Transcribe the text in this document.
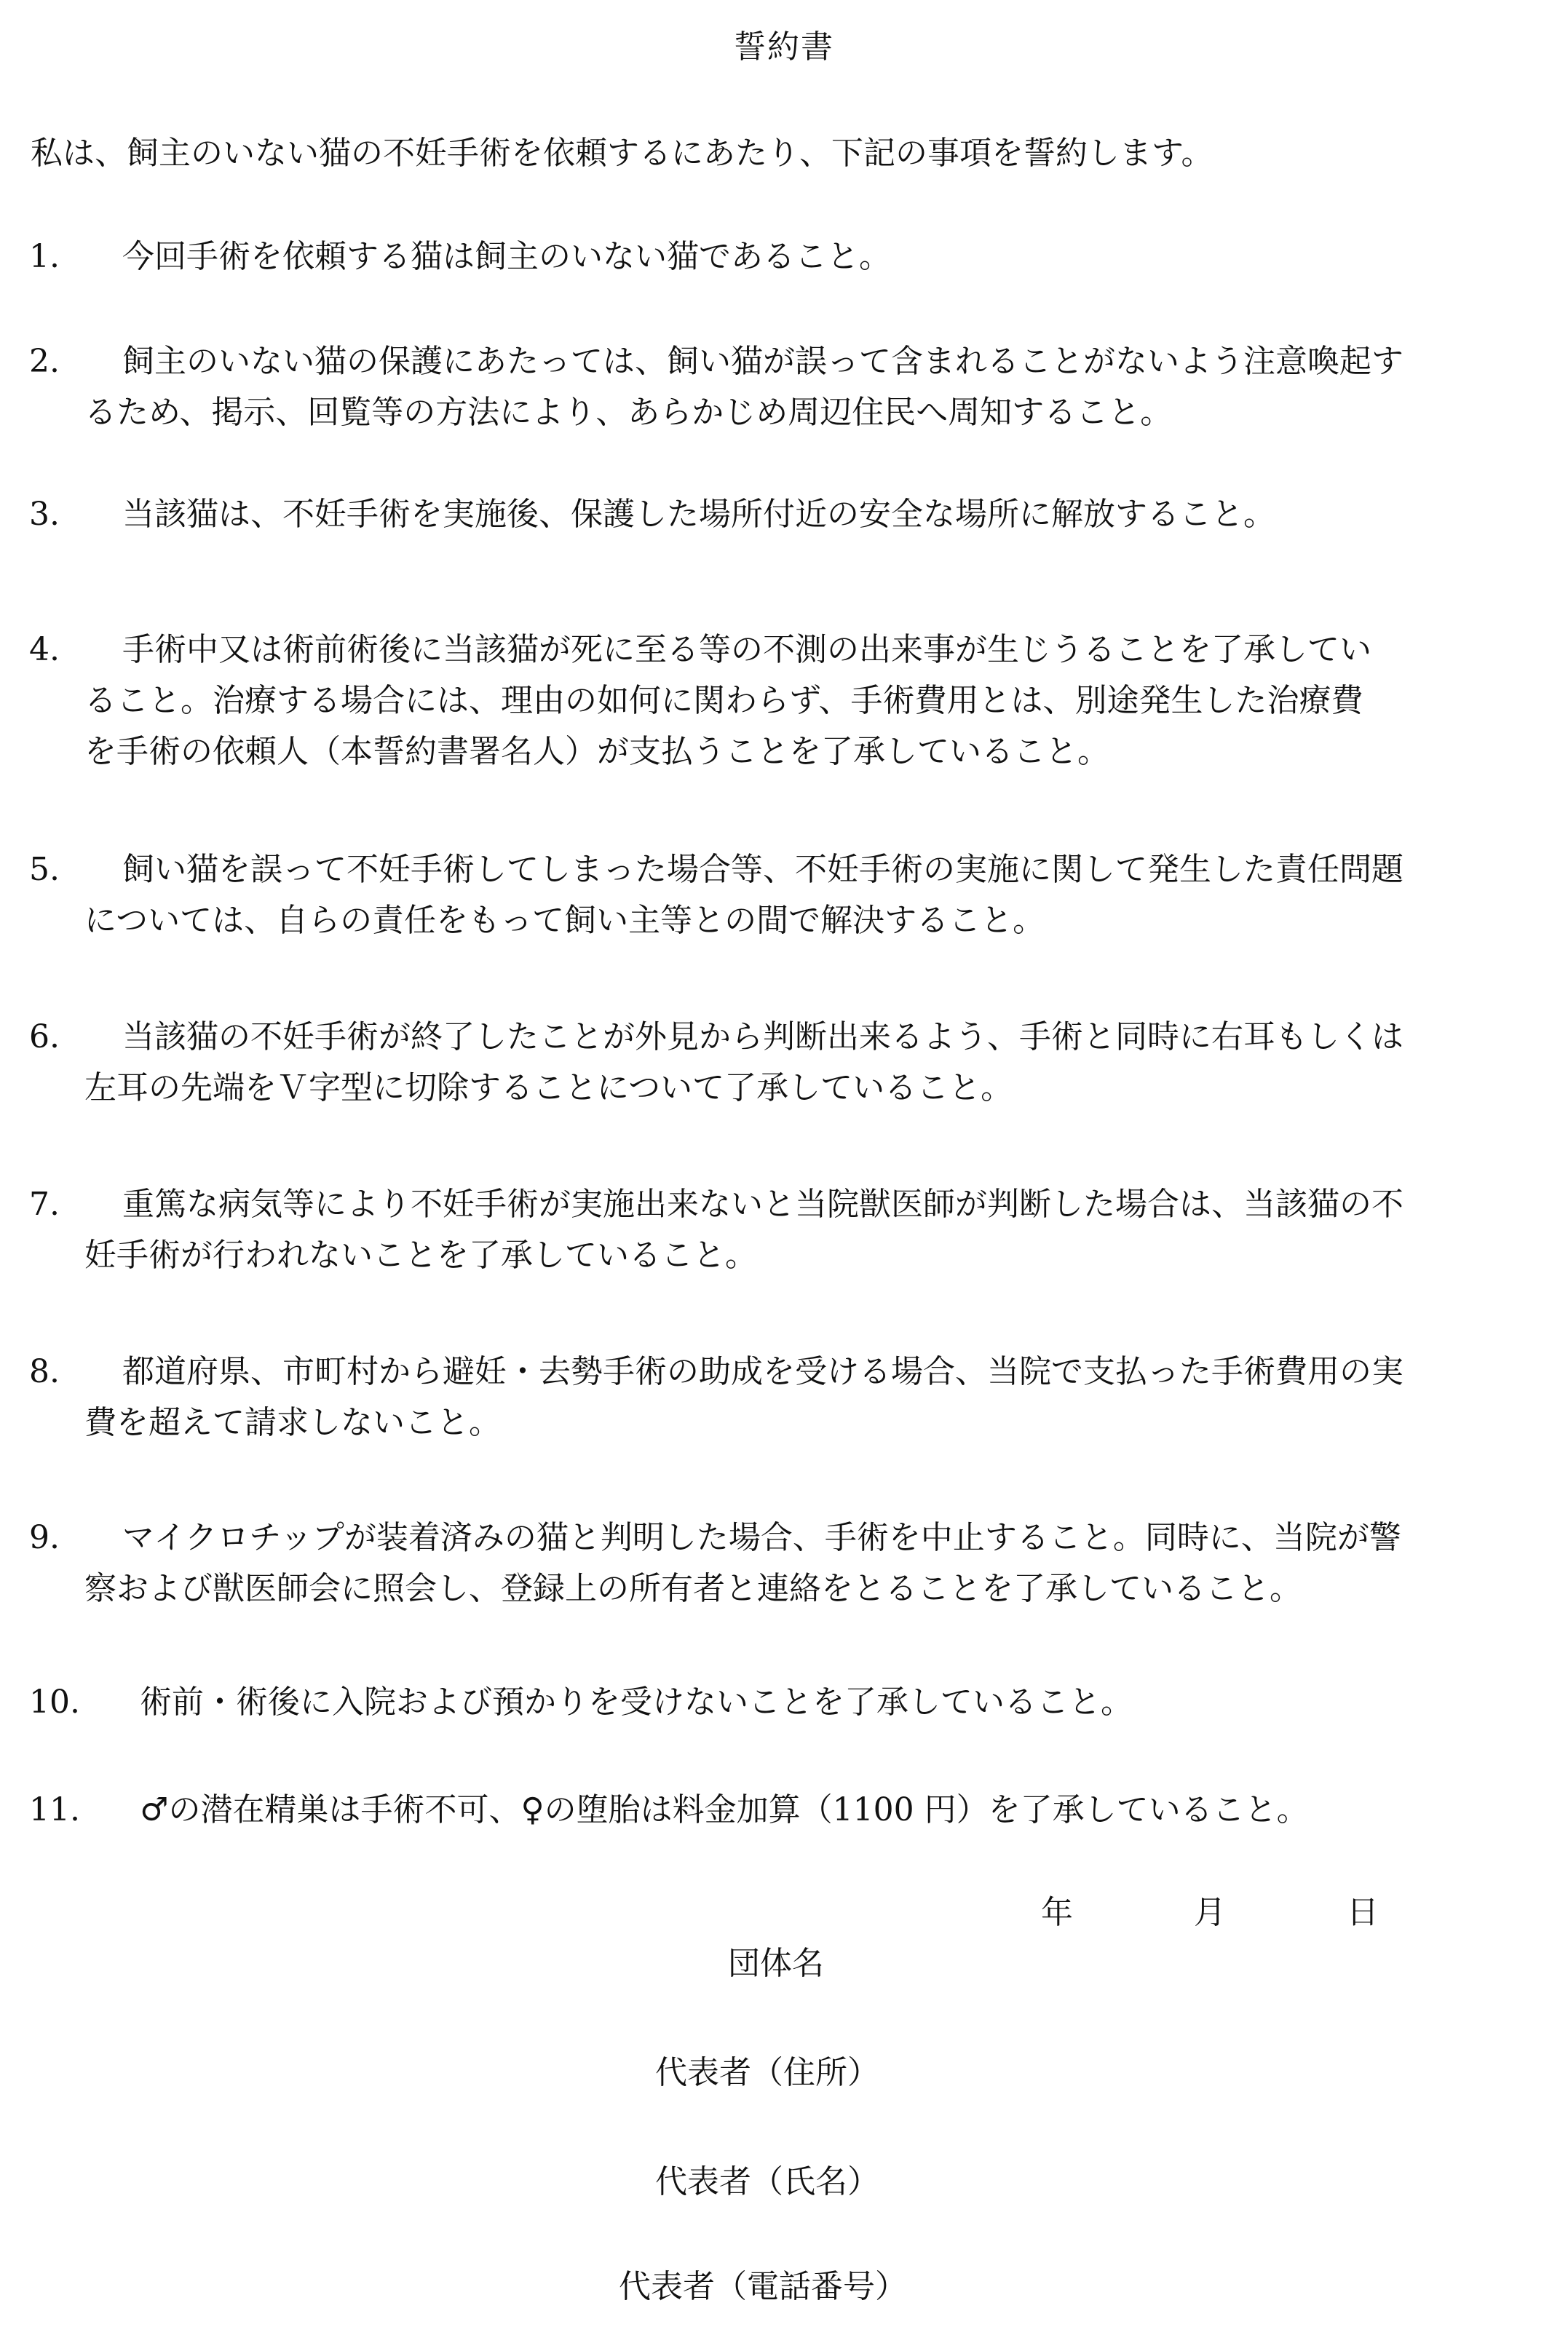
誓約書
私は、飼主のいない猫の不妊手術を依頼するにあたり、下記の事項を誓約します。
1.	今回手術を依頼する猫は飼主のいない猫であること。
2.	飼主のいない猫の保護にあたっては、飼い猫が誤って含まれることがないよう注意喚起す
るため、掲示、回覧等の方法により、あらかじめ周辺住民へ周知すること。
3.	当該猫は、不妊手術を実施後、保護した場所付近の安全な場所に解放すること。
4.	手術中又は術前術後に当該猫が死に至る等の不測の出来事が生じうることを了承してい
ること。治療する場合には、理由の如何に関わらず、手術費用とは、別途発生した治療費
を手術の依頼人（本誓約書署名人）が支払うことを了承していること。
5.	飼い猫を誤って不妊手術してしまった場合等、不妊手術の実施に関して発生した責任問題
については、自らの責任をもって飼い主等との間で解決すること。
6.	当該猫の不妊手術が終了したことが外見から判断出来るよう、手術と同時に右耳もしくは
左耳の先端をＶ字型に切除することについて了承していること。
7.	重篤な病気等により不妊手術が実施出来ないと当院獣医師が判断した場合は、当該猫の不
妊手術が行われないことを了承していること。
8.	都道府県、市町村から避妊・去勢手術の助成を受ける場合、当院で支払った手術費用の実
費を超えて請求しないこと。
9.	マイクロチップが装着済みの猫と判明した場合、手術を中止すること。同時に、当院が警
察および獣医師会に照会し、登録上の所有者と連絡をとることを了承していること。
10.	術前・術後に入院および預かりを受けないことを了承していること。
11.	♂の潜在精巣は手術不可、♀の堕胎は料金加算（1100 円）を了承していること。
年	月	日
団体名
代表者（住所）
代表者（氏名）
代表者（電話番号）
